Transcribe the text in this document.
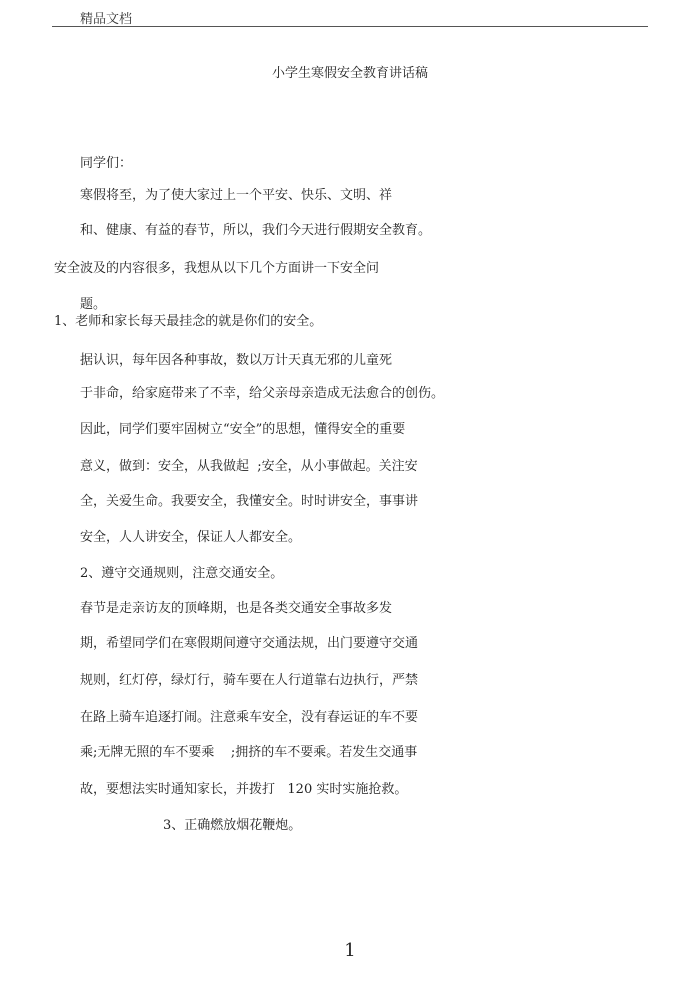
精品文档
小学生寒假安全教育讲话稿
同学们：
寒假将至，为了使大家过上一个平安、快乐、文明、祥
和、健康、有益的春节，所以，我们今天进行假期安全教育。
安全波及的内容很多，我想从以下几个方面讲一下安全问
题。
1、老师和家长每天最挂念的就是你们的安全。
据认识，每年因各种事故，数以万计天真无邪的儿童死
于非命，给家庭带来了不幸，给父亲母亲造成无法愈合的创伤。
因此，同学们要牢固树立“安全”的思想，懂得安全的重要
意义，做到：安全，从我做起  ;安全，从小事做起。关注安
全，关爱生命。我要安全，我懂安全。时时讲安全，事事讲
安全，人人讲安全，保证人人都安全。
2、遵守交通规则，注意交通安全。
春节是走亲访友的顶峰期，也是各类交通安全事故多发
期，希望同学们在寒假期间遵守交通法规，出门要遵守交通
规则，红灯停，绿灯行，骑车要在人行道靠右边执行，严禁
在路上骑车追逐打闹。注意乘车安全，没有春运证的车不要
乘;无牌无照的车不要乘    ;拥挤的车不要乘。若发生交通事
故，要想法实时通知家长，并拨打   120 实时实施抢救。
3、正确燃放烟花鞭炮。
1
